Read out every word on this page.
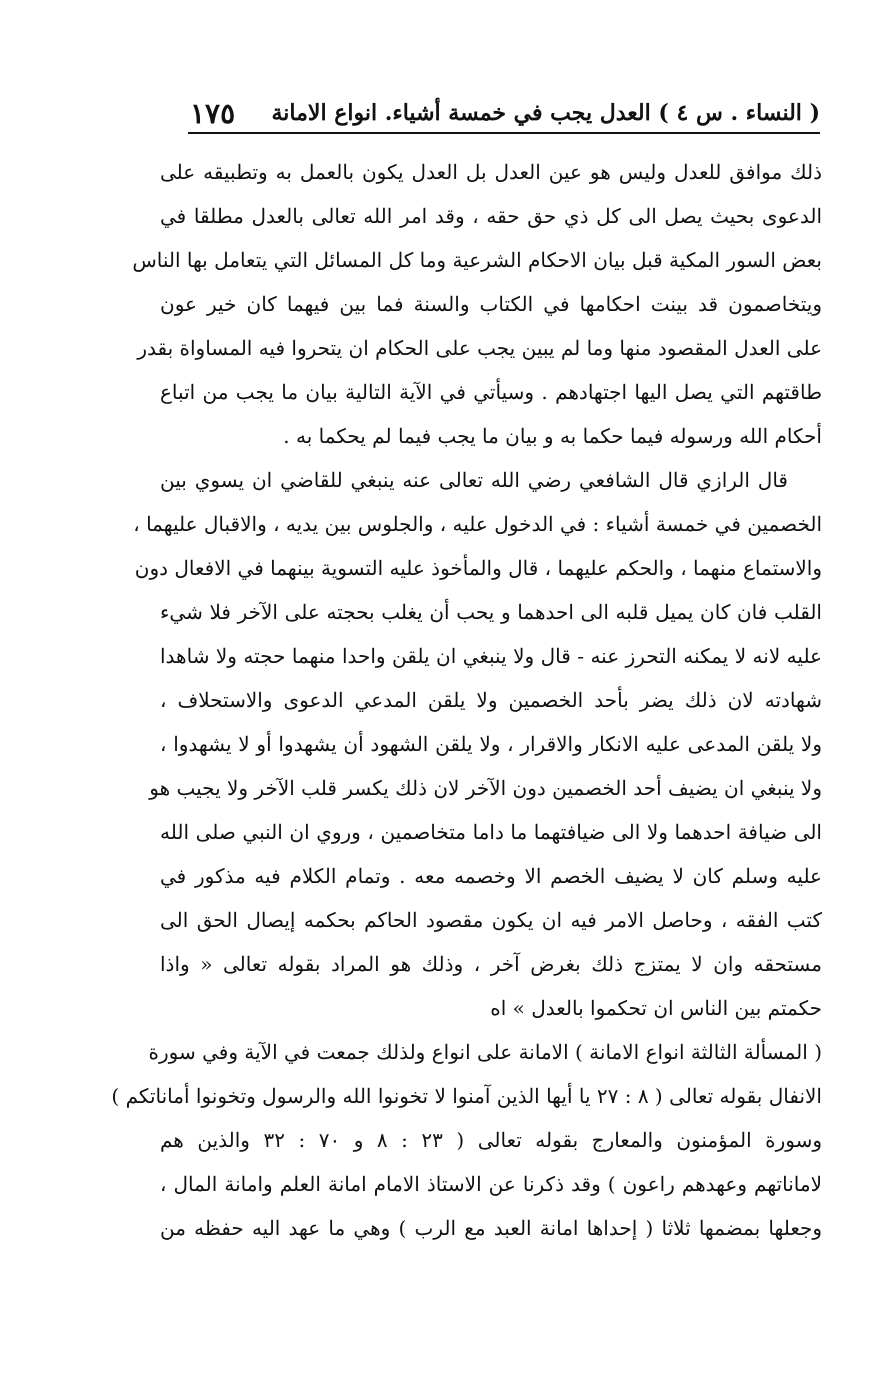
( النساء . س ٤ ) العدل يجب في خمسة أشياء. انواع الامانة
١٧٥
ذلك موافق للعدل وليس هو عين العدل بل العدل يكون بالعمل به وتطبيقه على
الدعوى بحيث يصل الى كل ذي حق حقه ، وقد امر الله تعالى بالعدل مطلقا في
بعض السور المكية قبل بيان الاحكام الشرعية وما كل المسائل التي يتعامل بها الناس
ويتخاصمون قد بينت احكامها في الكتاب والسنة فما بين فيهما كان خير عون
على العدل المقصود منها وما لم يبين يجب على الحكام ان يتحروا فيه المساواة بقدر
طاقتهم التي يصل اليها اجتهادهم . وسيأتي في الآية التالية بيان ما يجب من اتباع
أحكام الله ورسوله فيما حكما به و بيان ما يجب فيما لم يحكما به .
قال الرازي قال الشافعي رضي الله تعالى عنه ينبغي للقاضي ان يسوي بين
الخصمين في خمسة أشياء : في الدخول عليه ، والجلوس بين يديه ، والاقبال عليهما ،
والاستماع منهما ، والحكم عليهما ، قال والمأخوذ عليه التسوية بينهما في الافعال دون
القلب فان كان يميل قلبه الى احدهما و يحب أن يغلب بحجته على الآخر فلا شيء
عليه لانه لا يمكنه التحرز عنه - قال ولا ينبغي ان يلقن واحدا منهما حجته ولا شاهدا
شهادته لان ذلك يضر بأحد الخصمين ولا يلقن المدعي الدعوى والاستحلاف ،
ولا يلقن المدعى عليه الانكار والاقرار ، ولا يلقن الشهود أن يشهدوا أو لا يشهدوا ،
ولا ينبغي ان يضيف أحد الخصمين دون الآخر لان ذلك يكسر قلب الآخر ولا يجيب هو
الى ضيافة احدهما ولا الى ضيافتهما ما داما متخاصمين ، وروي ان النبي صلى الله
عليه وسلم كان لا يضيف الخصم الا وخصمه معه . وتمام الكلام فيه مذكور في
كتب الفقه ، وحاصل الامر فيه ان يكون مقصود الحاكم بحكمه إيصال الحق الى
مستحقه وان لا يمتزج ذلك بغرض آخر ، وذلك هو المراد بقوله تعالى « واذا
حكمتم بين الناس ان تحكموا بالعدل » اه
( المسألة الثالثة انواع الامانة ) الامانة على انواع ولذلك جمعت في الآية وفي سورة
الانفال بقوله تعالى ( ٨ : ٢٧ يا أيها الذين آمنوا لا تخونوا الله والرسول وتخونوا أماناتكم )
وسورة المؤمنون والمعارج بقوله تعالى ( ٢٣ : ٨ و ٧٠ : ٣٢ والذين هم
لاماناتهم وعهدهم راعون ) وقد ذكرنا عن الاستاذ الامام امانة العلم وامانة المال ،
وجعلها بمضمها ثلاثا ( إحداها امانة العبد مع الرب ) وهي ما عهد اليه حفظه من
